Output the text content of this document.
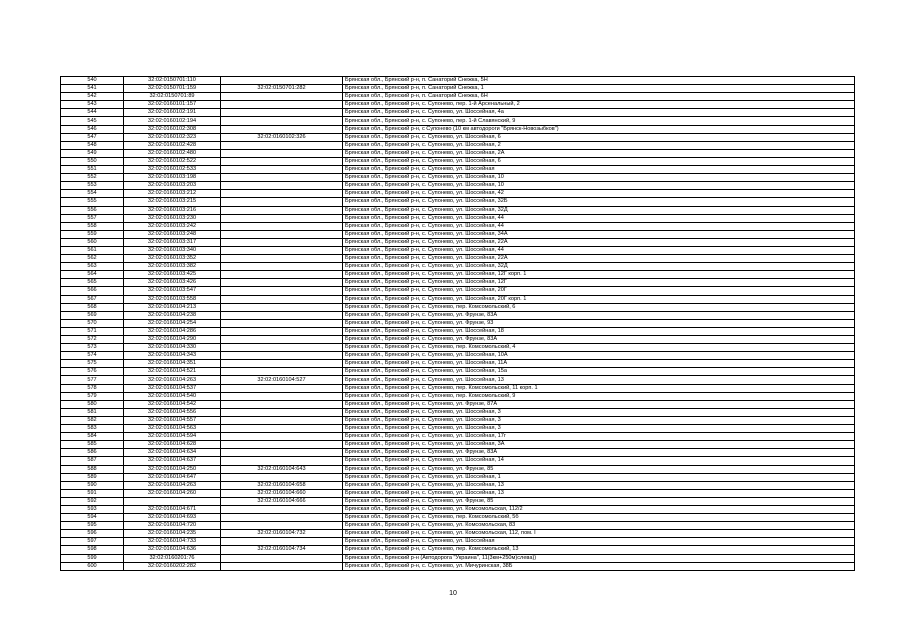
540	32:02:0150701:110		Брянская обл., Брянский р-н, п. Санаторий Снежка, 5Н
541	32:02:0150701:159	32:02:0150701:282	Брянская обл., Брянский р-н, п. Санаторий Снежка, 1
542	32:02:0150701:89		Брянская обл., Брянский р-н, п. Санаторий Снежка, 6Н
543	32:02:0160101:157		Брянская обл., Брянский р-н, с. Супонево, пер. 1-й Арсенальный, 2
544	32:02:0160102:191		Брянская обл., Брянский р-н, с. Супонево, ул. Шоссейная, 4а
545	32:02:0160102:194		Брянская обл., Брянский р-н, с. Супонево, пер. 1-й Славянский, 9
546	32:02:0160102:308		Брянская обл., Брянский р-н, с Супонево (10 км автодороги "Брянск-Новозыбков")
547	32:02:0160102:323	32:02:0160102:326	Брянская обл., Брянский р-н, с. Супонево, ул. Шоссейная, 6
548	32:02:0160102:428		Брянская обл., Брянский р-н, с. Супонево, ул. Шоссейная, 2
549	32:02:0160102:480		Брянская обл., Брянский р-н, с. Супонево, ул. Шоссейная, 2А
550	32:02:0160102:522		Брянская обл., Брянский р-н, с. Супонево, ул. Шоссейная, 6
551	32:02:0160102:533		Брянская обл., Брянский р-н, с. Супонево, ул. Шоссейная
552	32:02:0160103:198		Брянская обл., Брянский р-н, с. Супонево, ул. Шоссейная, 10
553	32:02:0160103:203		Брянская обл., Брянский р-н, с. Супонево, ул. Шоссейная, 10
554	32:02:0160103:212		Брянская обл., Брянский р-н, с. Супонево, ул. Шоссейная, 42
555	32:02:0160103:215		Брянская обл., Брянский р-н, с. Супонево, ул. Шоссейная, 32Б
556	32:02:0160103:216		Брянская обл., Брянский р-н, с. Супонево, ул. Шоссейная, 32Д
557	32:02:0160103:230		Брянская обл., Брянский р-н, с. Супонево, ул. Шоссейная, 44
558	32:02:0160103:242		Брянская обл., Брянский р-н, с. Супонево, ул. Шоссейная, 44
559	32:02:0160103:248		Брянская обл., Брянский р-н, с. Супонево, ул. Шоссейная, 34А
560	32:02:0160103:317		Брянская обл., Брянский р-н, с. Супонево, ул. Шоссейная, 22А
561	32:02:0160103:340		Брянская обл., Брянский р-н, с. Супонево, ул. Шоссейная, 44
562	32:02:0160103:352		Брянская обл., Брянский р-н, с. Супонево, ул. Шоссейная, 22А
563	32:02:0160103:382		Брянская обл., Брянский р-н, с. Супонево, ул. Шоссейная, 32Д
564	32:02:0160103:425		Брянская обл., Брянский р-н, с. Супонево, ул. Шоссейная, 12Г корп. 1
565	32:02:0160103:426		Брянская обл., Брянский р-н, с. Супонево, ул. Шоссейная, 12Г
566	32:02:0160103:547		Брянская обл., Брянский р-н, с. Супонево, ул. Шоссейная, 20Г
567	32:02:0160103:558		Брянская обл., Брянский р-н, с. Супонево, ул. Шоссейная, 20Г корп. 1
568	32:02:0160104:213		Брянская обл., Брянский р-н, с. Супонево, пер. Комсомольский, 6
569	32:02:0160104:238		Брянская обл., Брянский р-н, с. Супонево, ул. Фрунзе, 83А
570	32:02:0160104:254		Брянская обл., Брянский р-н, с. Супонево, ул. Фрунзе, 93
571	32:02:0160104:286		Брянская обл., Брянский р-н, с. Супонево, ул. Шоссейная, 18
572	32:02:0160104:290		Брянская обл., Брянский р-н, с. Супонево, ул. Фрунзе, 83А
573	32:02:0160104:330		Брянская обл., Брянский р-н, с. Супонево, пер. Комсомольский, 4
574	32:02:0160104:343		Брянская обл., Брянский р-н, с. Супонево, ул. Шоссейная, 10А
575	32:02:0160104:351		Брянская обл., Брянский р-н, с. Супонево, ул. Шоссейная, 11А
576	32:02:0160104:521		Брянская обл., Брянский р-н, с. Супонево, ул. Шоссейная, 15а
577	32:02:0160104:263	32:02:0160104:527	Брянская обл., Брянский р-н, с. Супонево, ул. Шоссейная, 13
578	32:02:0160104:537		Брянская обл., Брянский р-н, с. Супонево, пер. Комсомольский, 11 корп. 1
579	32:02:0160104:540		Брянская обл., Брянский р-н, с. Супонево, пер. Комсомольский, 9
580	32:02:0160104:542		Брянская обл., Брянский р-н, с. Супонево, ул. Фрунзе, 87А
581	32:02:0160104:556		Брянская обл., Брянский р-н, с. Супонево, ул. Шоссейная, 3
582	32:02:0160104:557		Брянская обл., Брянский р-н, с. Супонево, ул. Шоссейная, 3
583	32:02:0160104:563		Брянская обл., Брянский р-н, с. Супонево, ул. Шоссейная, 3
584	32:02:0160104:594		Брянская обл., Брянский р-н, с. Супонево, ул. Шоссейная, 17г
585	32:02:0160104:628		Брянская обл., Брянский р-н, с. Супонево, ул. Шоссейная, 3А
586	32:02:0160104:634		Брянская обл., Брянский р-н, с. Супонево, ул. Фрунзе, 83А
587	32:02:0160104:637		Брянская обл., Брянский р-н, с. Супонево, ул. Шоссейная, 14
588	32:02:0160104:250	32:02:0160104:643	Брянская обл., Брянский р-н, с. Супонево, ул. Фрунзе, 85
589	32:02:0160104:647		Брянская обл., Брянский р-н, с. Супонево, ул. Шоссейная, 1
590	32:02:0160104:263	32:02:0160104:658	Брянская обл., Брянский р-н, с. Супонево, ул. Шоссейная, 13
591	32:02:0160104:260	32:02:0160104:660	Брянская обл., Брянский р-н, с. Супонево, ул. Шоссейная, 13
592		32:02:0160104:666	Брянская обл., Брянский р-н, с. Супонево, ул. Фрунзе, 85
593	32:02:0160104:671		Брянская обл., Брянский р-н, с. Супонево, ул. Комсомольская, 112/2
594	32:02:0160104:693		Брянская обл., Брянский р-н, с. Супонево, пер. Комсомольский, 5б
595	32:02:0160104:720		Брянская обл., Брянский р-н, с. Супонево, ул. Комсомольская, 83
596	32:02:0160104:235	32:02:0160104:732	Брянская обл., Брянский р-н, с. Супонево, ул. Комсомольская, 112, пом. I
597	32:02:0160104:733		Брянская обл., Брянский р-н, с. Супонево, ул. Шоссейная
598	32:02:0160104:636	32:02:0160104:734	Брянская обл., Брянский р-н, с. Супонево, пер. Комсомольский, 13
599	32:02:0160201:76		Брянская обл., Брянский р-н (Автодорога "Украина", 11(3км+250м)слева))
600	32:02:0160202:282		Брянская обл., Брянский р-н, с. Супонево, ул. Мичуринская, 38Б
10
